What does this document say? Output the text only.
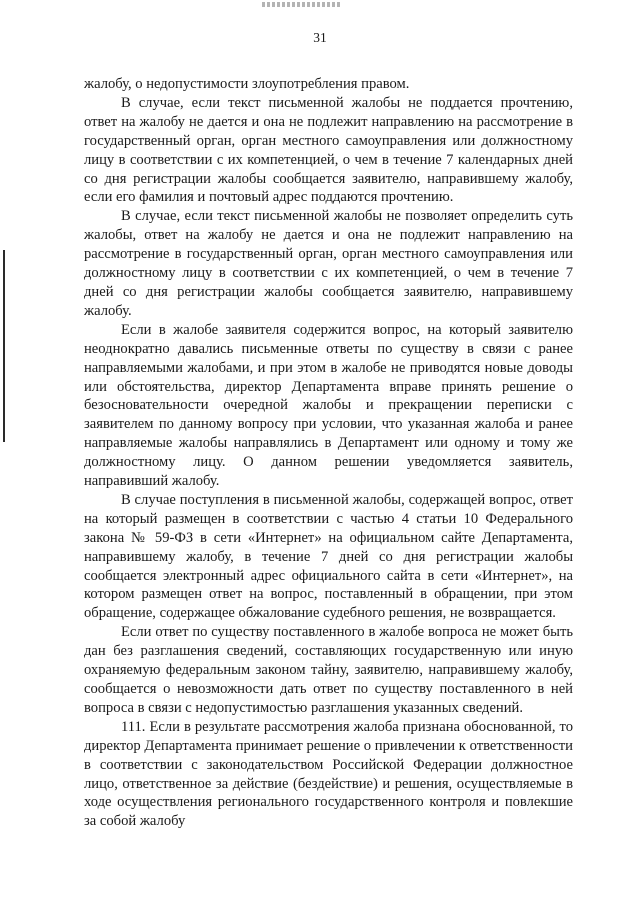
31

жалобу, о недопустимости злоупотребления правом.

В случае, если текст письменной жалобы не поддается прочтению, ответ на жалобу не дается и она не подлежит направлению на рассмотрение в государственный орган, орган местного самоуправления или должностному лицу в соответствии с их компетенцией, о чем в течение 7 календарных дней со дня регистрации жалобы сообщается заявителю, направившему жалобу, если его фамилия и почтовый адрес поддаются прочтению.

В случае, если текст письменной жалобы не позволяет определить суть жалобы, ответ на жалобу не дается и она не подлежит направлению на рассмотрение в государственный орган, орган местного самоуправления или должностному лицу в соответствии с их компетенцией, о чем в течение 7 дней со дня регистрации жалобы сообщается заявителю, направившему жалобу.

Если в жалобе заявителя содержится вопрос, на который заявителю неоднократно давались письменные ответы по существу в связи с ранее направляемыми жалобами, и при этом в жалобе не приводятся новые доводы или обстоятельства, директор Департамента вправе принять решение о безосновательности очередной жалобы и прекращении переписки с заявителем по данному вопросу при условии, что указанная жалоба и ранее направляемые жалобы направлялись в Департамент или одному и тому же должностному лицу. О данном решении уведомляется заявитель, направивший жалобу.

В случае поступления в письменной жалобы, содержащей вопрос, ответ на который размещен в соответствии с частью 4 статьи 10 Федерального закона № 59-ФЗ в сети «Интернет» на официальном сайте Департамента, направившему жалобу, в течение 7 дней со дня регистрации жалобы сообщается электронный адрес официального сайта в сети «Интернет», на котором размещен ответ на вопрос, поставленный в обращении, при этом обращение, содержащее обжалование судебного решения, не возвращается.

Если ответ по существу поставленного в жалобе вопроса не может быть дан без разглашения сведений, составляющих государственную или иную охраняемую федеральным законом тайну, заявителю, направившему жалобу, сообщается о невозможности дать ответ по существу поставленного в ней вопроса в связи с недопустимостью разглашения указанных сведений.

111. Если в результате рассмотрения жалоба признана обоснованной, то директор Департамента принимает решение о привлечении к ответственности в соответствии с законодательством Российской Федерации должностное лицо, ответственное за действие (бездействие) и решения, осуществляемые в ходе осуществления регионального государственного контроля и повлекшие за собой жалобу
